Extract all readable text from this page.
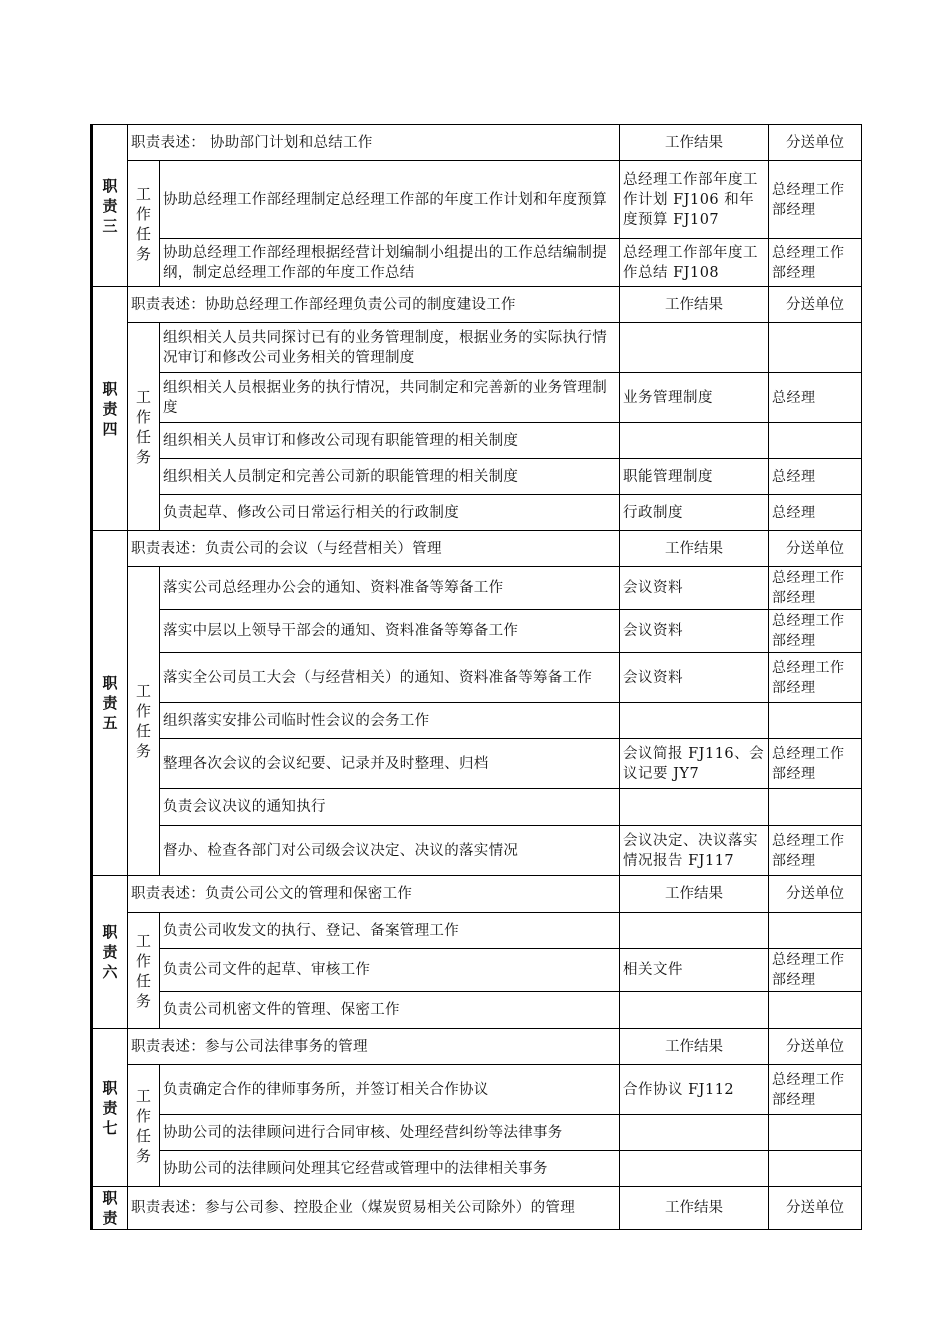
职责三	职责表述： 协助部门计划和总结工作		工作结果	分送单位
	工作任务	协助总经理工作部经理制定总经理工作部的年度工作计划和年度预算	总经理工作部年度工作计划 FJ106 和年度预算 FJ107	总经理工作部经理
		协助总经理工作部经理根据经营计划编制小组提出的工作总结编制提纲，制定总经理工作部的年度工作总结	总经理工作部年度工作总结 FJ108	总经理工作部经理
职责四	职责表述：协助总经理工作部经理负责公司的制度建设工作		工作结果	分送单位
	工作任务	组织相关人员共同探讨已有的业务管理制度，根据业务的实际执行情况审订和修改公司业务相关的管理制度		
		组织相关人员根据业务的执行情况，共同制定和完善新的业务管理制度	业务管理制度	总经理
		组织相关人员审订和修改公司现有职能管理的相关制度		
		组织相关人员制定和完善公司新的职能管理的相关制度	职能管理制度	总经理
		负责起草、修改公司日常运行相关的行政制度	行政制度	总经理
职责五	职责表述：负责公司的会议（与经营相关）管理		工作结果	分送单位
	工作任务	落实公司总经理办公会的通知、资料准备等筹备工作	会议资料	总经理工作部经理
		落实中层以上领导干部会的通知、资料准备等筹备工作	会议资料	总经理工作部经理
		落实全公司员工大会（与经营相关）的通知、资料准备等筹备工作	会议资料	总经理工作部经理
		组织落实安排公司临时性会议的会务工作		
		整理各次会议的会议纪要、记录并及时整理、归档	会议简报 FJ116、会议记要 JY7	总经理工作部经理
		负责会议决议的通知执行		
		督办、检查各部门对公司级会议决定、决议的落实情况	会议决定、决议落实情况报告 FJ117	总经理工作部经理
职责六	职责表述：负责公司公文的管理和保密工作		工作结果	分送单位
	工作任务	负责公司收发文的执行、登记、备案管理工作		
		负责公司文件的起草、审核工作	相关文件	总经理工作部经理
		负责公司机密文件的管理、保密工作		
职责七	职责表述：参与公司法律事务的管理		工作结果	分送单位
	工作任务	负责确定合作的律师事务所，并签订相关合作协议	合作协议 FJ112	总经理工作部经理
		协助公司的法律顾问进行合同审核、处理经营纠纷等法律事务		
		协助公司的法律顾问处理其它经营或管理中的法律相关事务		
职责	职责表述：参与公司参、控股企业（煤炭贸易相关公司除外）的管理		工作结果	分送单位
